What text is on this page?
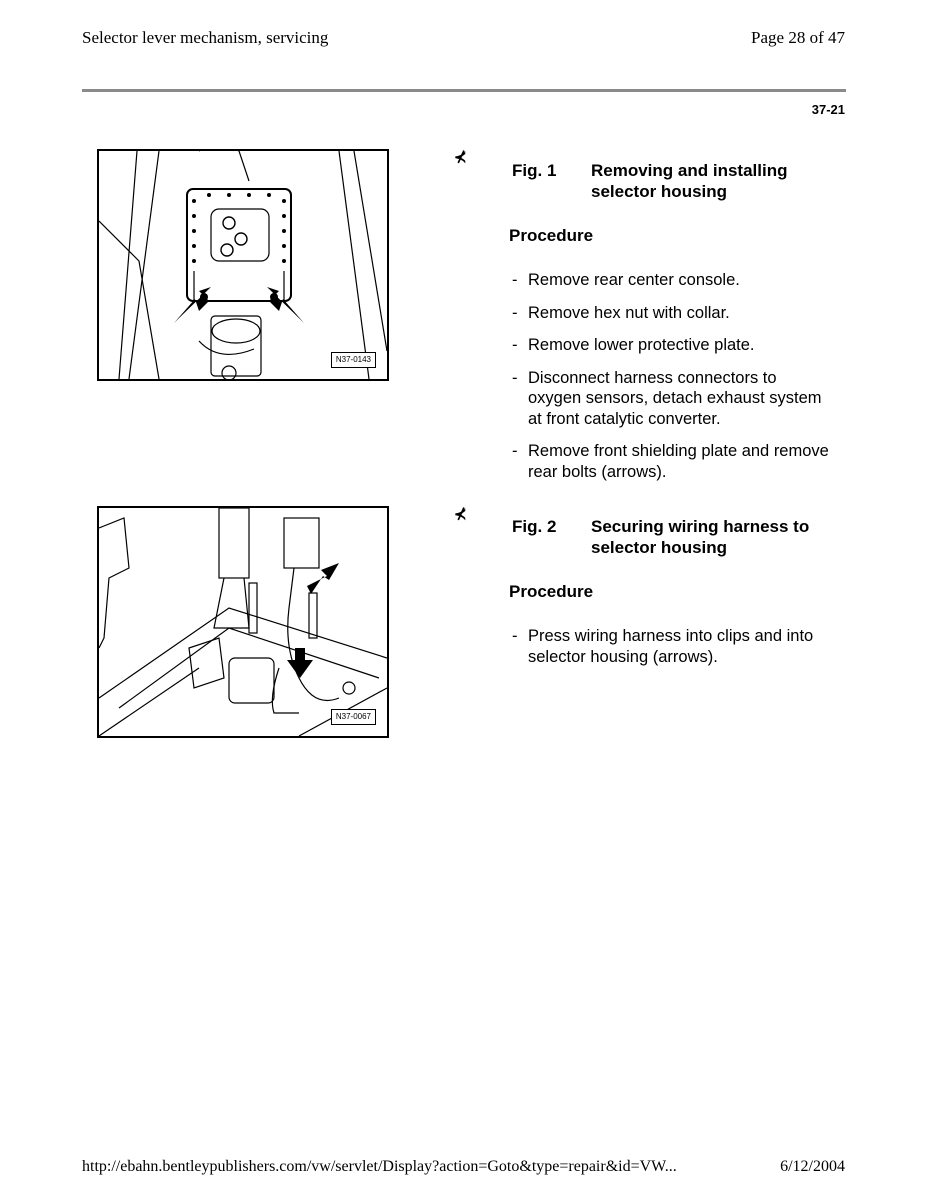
Selector lever mechanism, servicing	Page 28 of 47
37-21
N37-0143
⊀
Fig. 1 Removing and installing selector housing
Procedure
- Remove rear center console.
- Remove hex nut with collar.
- Remove lower protective plate.
- Disconnect harness connectors to oxygen sensors, detach exhaust system at front catalytic converter.
- Remove front shielding plate and remove rear bolts (arrows).
N37-0067
⊀
Fig. 2 Securing wiring harness to selector housing
Procedure
- Press wiring harness into clips and into selector housing (arrows).
http://ebahn.bentleypublishers.com/vw/servlet/Display?action=Goto&type=repair&id=VW...	6/12/2004
